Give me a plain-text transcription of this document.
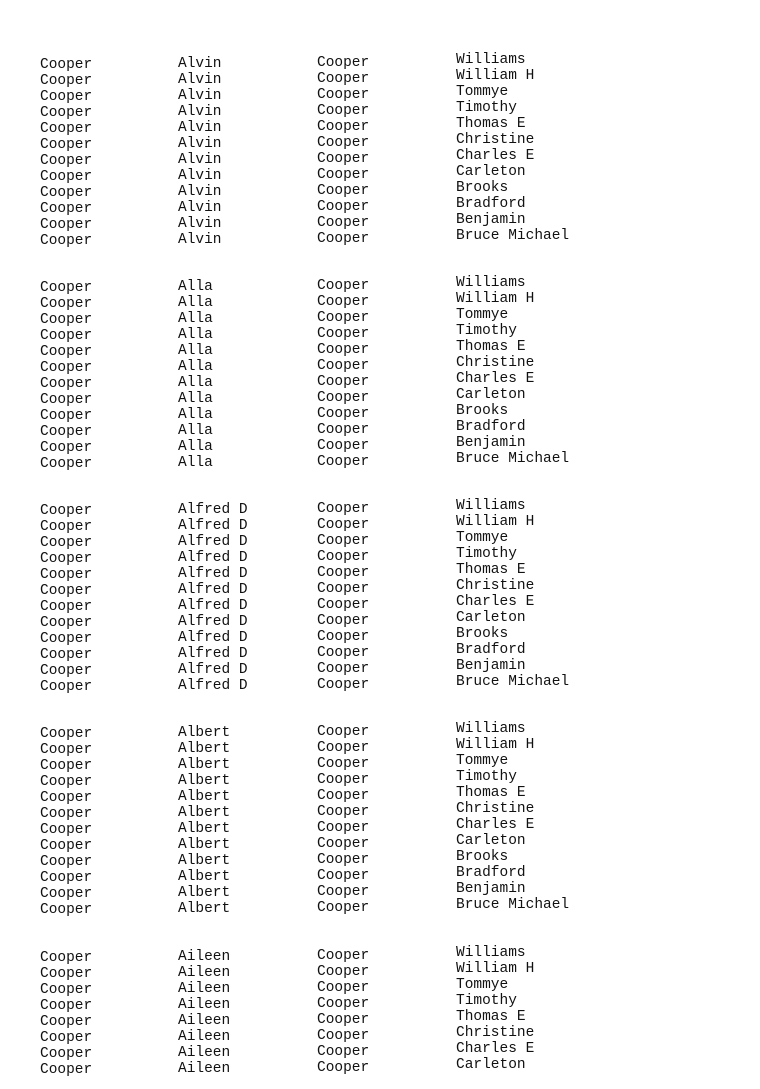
Cooper	Alvin	Cooper	Williams
Cooper	Alvin	Cooper	William H
Cooper	Alvin	Cooper	Tommye
Cooper	Alvin	Cooper	Timothy
Cooper	Alvin	Cooper	Thomas E
Cooper	Alvin	Cooper	Christine
Cooper	Alvin	Cooper	Charles E
Cooper	Alvin	Cooper	Carleton
Cooper	Alvin	Cooper	Brooks
Cooper	Alvin	Cooper	Bradford
Cooper	Alvin	Cooper	Benjamin
Cooper	Alvin	Cooper	Bruce Michael
Cooper	Alla	Cooper	Williams
Cooper	Alla	Cooper	William H
Cooper	Alla	Cooper	Tommye
Cooper	Alla	Cooper	Timothy
Cooper	Alla	Cooper	Thomas E
Cooper	Alla	Cooper	Christine
Cooper	Alla	Cooper	Charles E
Cooper	Alla	Cooper	Carleton
Cooper	Alla	Cooper	Brooks
Cooper	Alla	Cooper	Bradford
Cooper	Alla	Cooper	Benjamin
Cooper	Alla	Cooper	Bruce Michael
Cooper	Alfred D	Cooper	Williams
Cooper	Alfred D	Cooper	William H
Cooper	Alfred D	Cooper	Tommye
Cooper	Alfred D	Cooper	Timothy
Cooper	Alfred D	Cooper	Thomas E
Cooper	Alfred D	Cooper	Christine
Cooper	Alfred D	Cooper	Charles E
Cooper	Alfred D	Cooper	Carleton
Cooper	Alfred D	Cooper	Brooks
Cooper	Alfred D	Cooper	Bradford
Cooper	Alfred D	Cooper	Benjamin
Cooper	Alfred D	Cooper	Bruce Michael
Cooper	Albert	Cooper	Williams
Cooper	Albert	Cooper	William H
Cooper	Albert	Cooper	Tommye
Cooper	Albert	Cooper	Timothy
Cooper	Albert	Cooper	Thomas E
Cooper	Albert	Cooper	Christine
Cooper	Albert	Cooper	Charles E
Cooper	Albert	Cooper	Carleton
Cooper	Albert	Cooper	Brooks
Cooper	Albert	Cooper	Bradford
Cooper	Albert	Cooper	Benjamin
Cooper	Albert	Cooper	Bruce Michael
Cooper	Aileen	Cooper	Williams
Cooper	Aileen	Cooper	William H
Cooper	Aileen	Cooper	Tommye
Cooper	Aileen	Cooper	Timothy
Cooper	Aileen	Cooper	Thomas E
Cooper	Aileen	Cooper	Christine
Cooper	Aileen	Cooper	Charles E
Cooper	Aileen	Cooper	Carleton
